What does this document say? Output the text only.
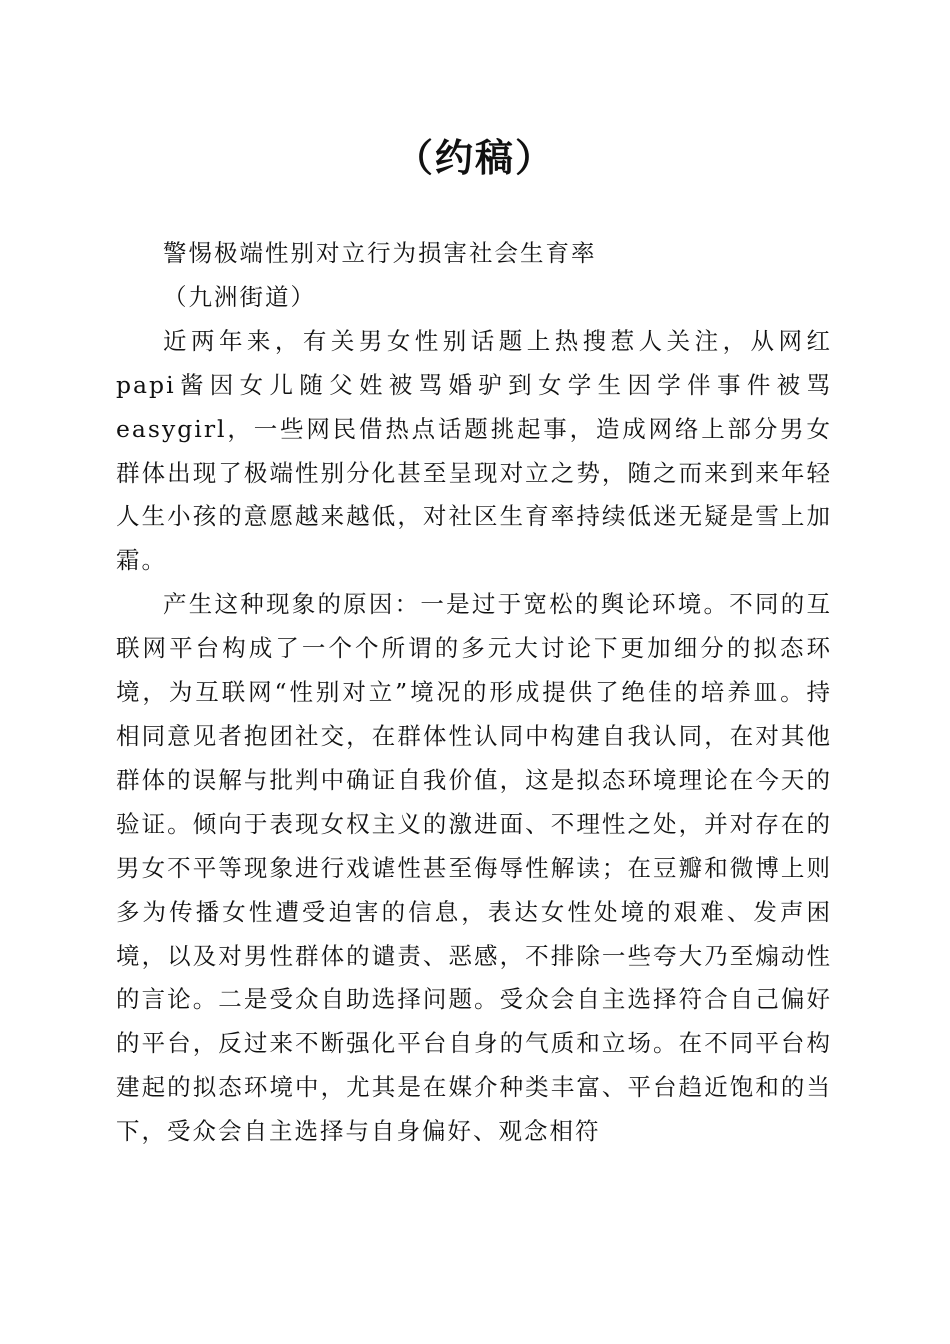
（约稿）

警惕极端性别对立行为损害社会生育率

（九洲街道）

近两年来，有关男女性别话题上热搜惹人关注，从网红papi酱因女儿随父姓被骂婚驴到女学生因学伴事件被骂easygirl，一些网民借热点话题挑起事，造成网络上部分男女群体出现了极端性别分化甚至呈现对立之势，随之而来到来年轻人生小孩的意愿越来越低，对社区生育率持续低迷无疑是雪上加霜。

产生这种现象的原因：一是过于宽松的舆论环境。不同的互联网平台构成了一个个所谓的多元大讨论下更加细分的拟态环境，为互联网“性别对立”境况的形成提供了绝佳的培养皿。持相同意见者抱团社交，在群体性认同中构建自我认同，在对其他群体的误解与批判中确证自我价值，这是拟态环境理论在今天的验证。倾向于表现女权主义的激进面、不理性之处，并对存在的男女不平等现象进行戏谑性甚至侮辱性解读；在豆瓣和微博上则多为传播女性遭受迫害的信息，表达女性处境的艰难、发声困境，以及对男性群体的谴责、恶感，不排除一些夸大乃至煽动性的言论。二是受众自助选择问题。受众会自主选择符合自己偏好的平台，反过来不断强化平台自身的气质和立场。在不同平台构建起的拟态环境中，尤其是在媒介种类丰富、平台趋近饱和的当下，受众会自主选择与自身偏好、观念相符
